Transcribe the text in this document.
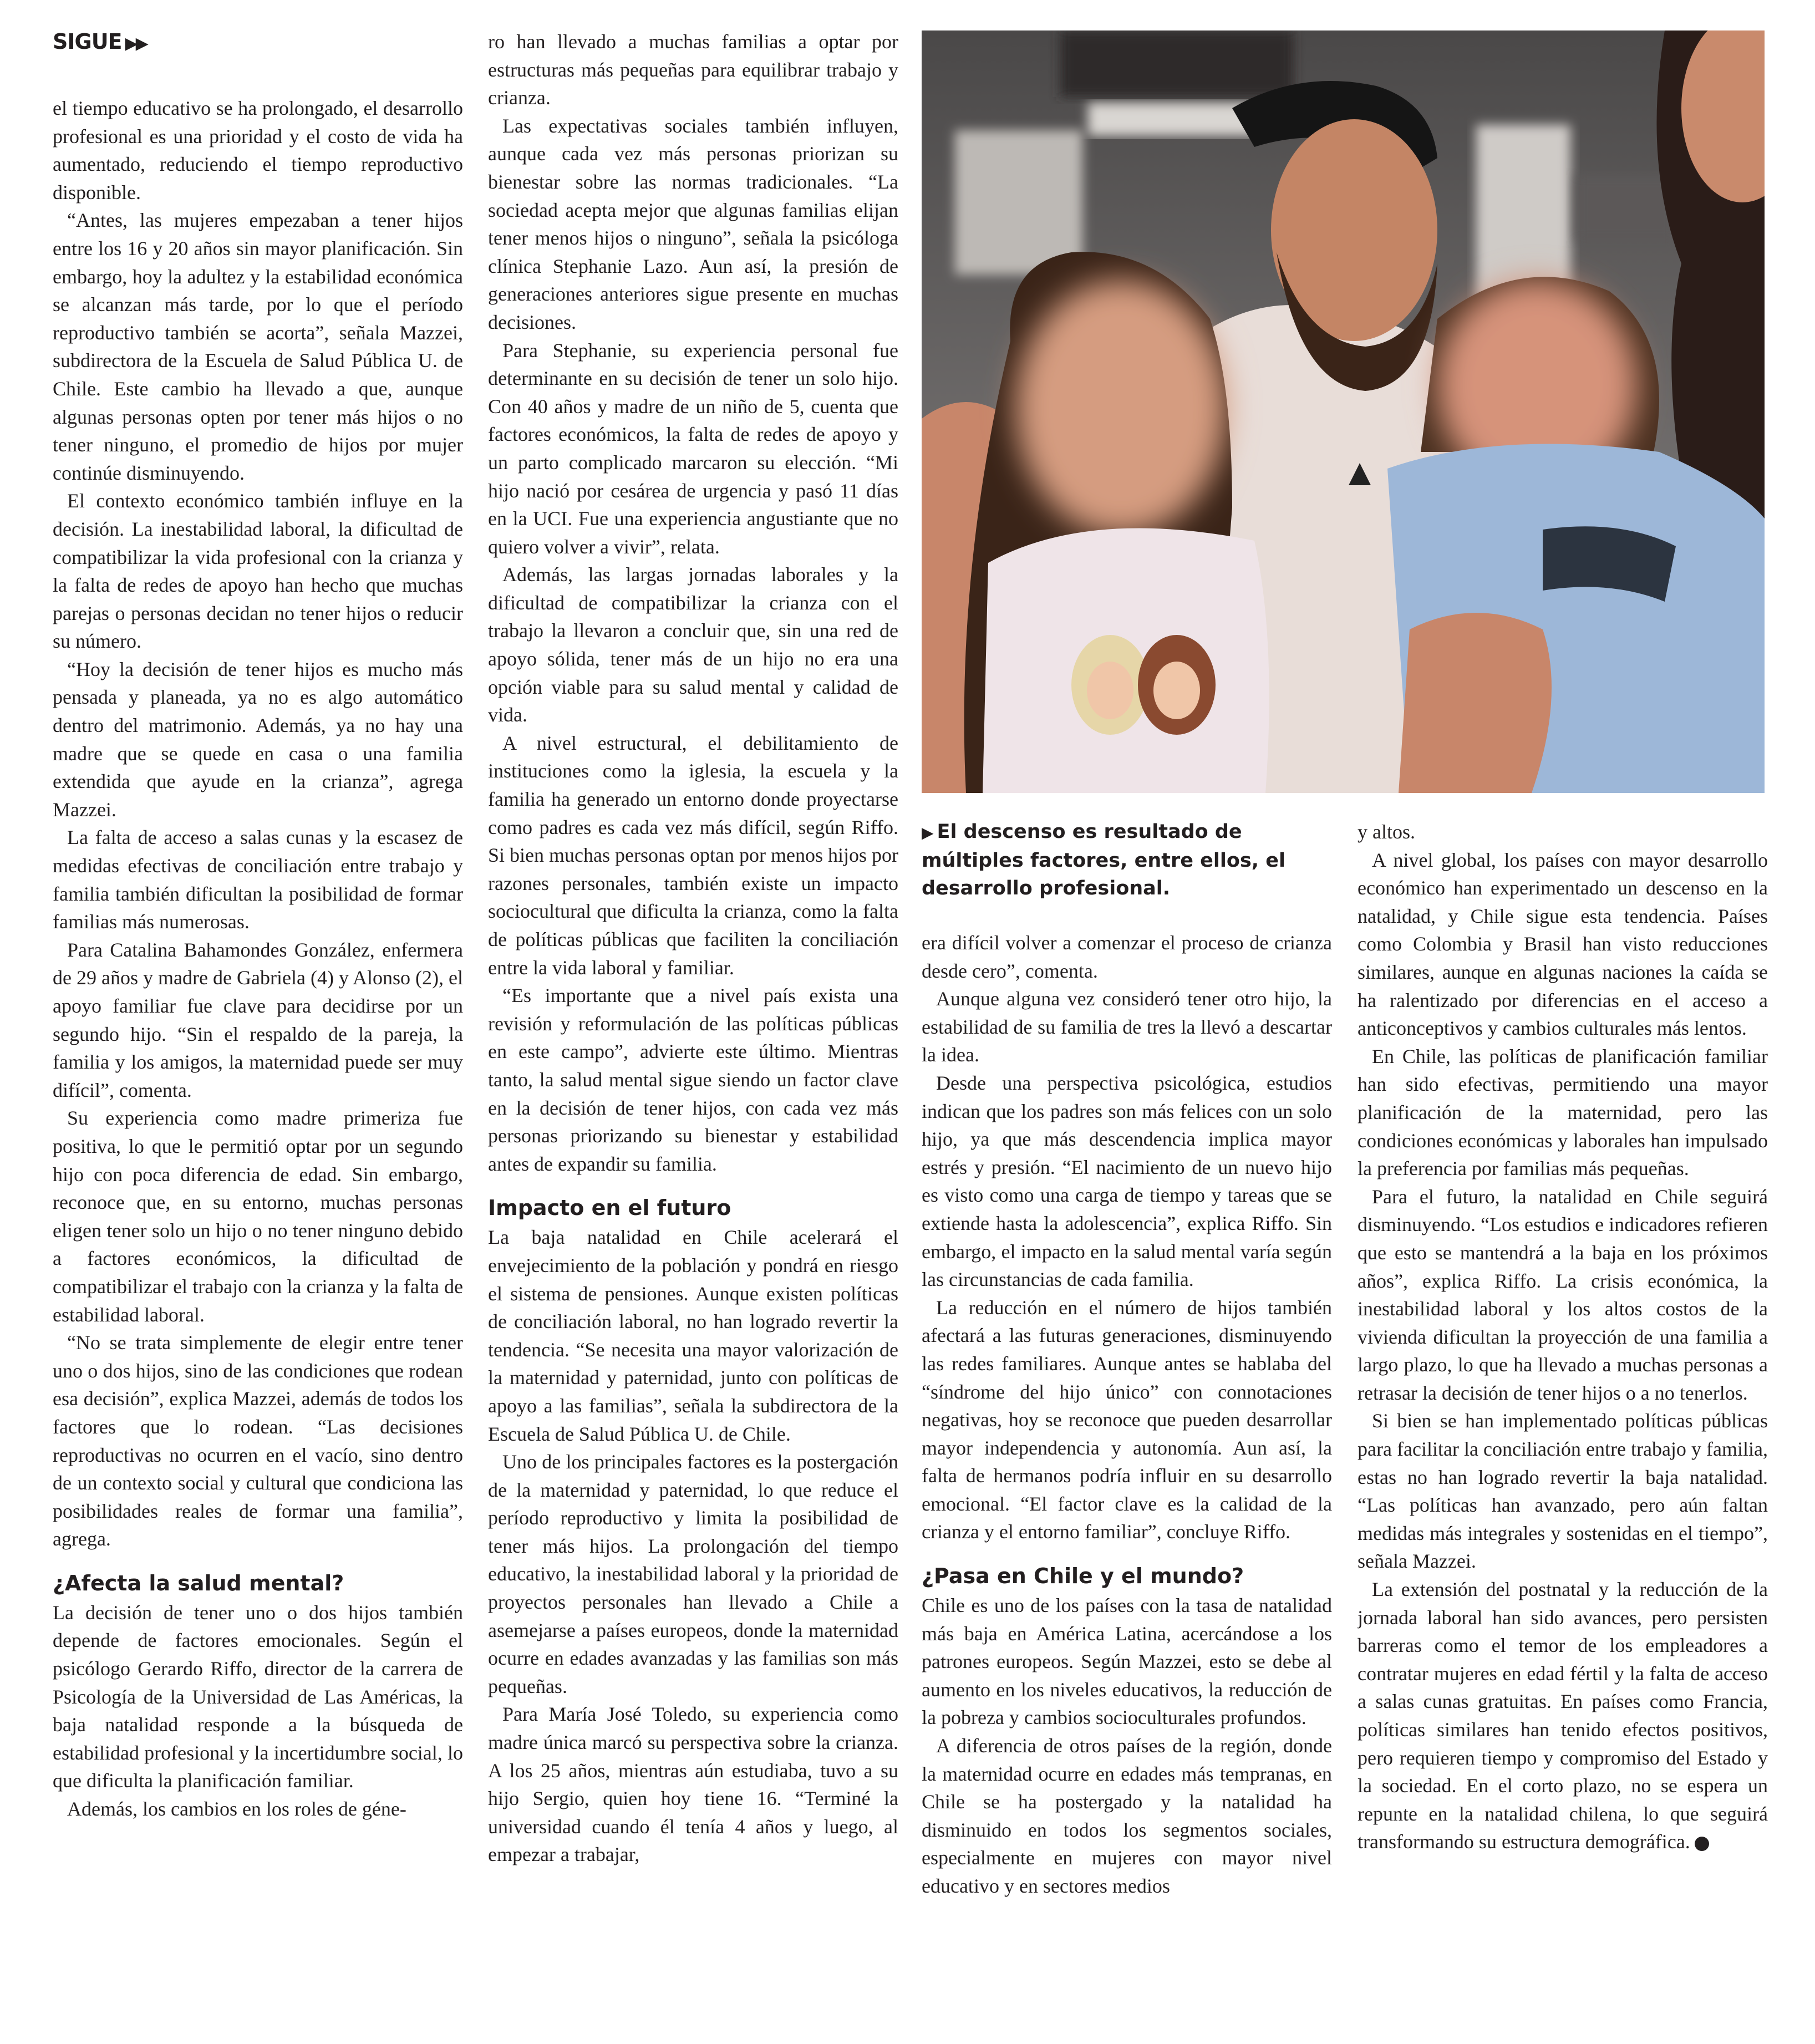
SIGUE ▶▶

el tiempo educativo se ha prolongado, el desarrollo profesional es una prioridad y el costo de vida ha aumentado, reduciendo el tiempo reproductivo disponible.

“Antes, las mujeres empezaban a tener hijos entre los 16 y 20 años sin mayor planificación. Sin embargo, hoy la adultez y la estabilidad económica se alcanzan más tarde, por lo que el período reproductivo también se acorta”, señala Mazzei, subdirectora de la Escuela de Salud Pública U. de Chile. Este cambio ha llevado a que, aunque algunas personas opten por tener más hijos o no tener ninguno, el promedio de hijos por mujer continúe disminuyendo.

El contexto económico también influye en la decisión. La inestabilidad laboral, la dificultad de compatibilizar la vida profesional con la crianza y la falta de redes de apoyo han hecho que muchas parejas o personas decidan no tener hijos o reducir su número.

“Hoy la decisión de tener hijos es mucho más pensada y planeada, ya no es algo automático dentro del matrimonio. Además, ya no hay una madre que se quede en casa o una familia extendida que ayude en la crianza”, agrega Mazzei.

La falta de acceso a salas cunas y la escasez de medidas efectivas de conciliación entre trabajo y familia también dificultan la posibilidad de formar familias más numerosas.

Para Catalina Bahamondes González, enfermera de 29 años y madre de Gabriela (4) y Alonso (2), el apoyo familiar fue clave para decidirse por un segundo hijo. “Sin el respaldo de la pareja, la familia y los amigos, la maternidad puede ser muy difícil”, comenta.

Su experiencia como madre primeriza fue positiva, lo que le permitió optar por un segundo hijo con poca diferencia de edad. Sin embargo, reconoce que, en su entorno, muchas personas eligen tener solo un hijo o no tener ninguno debido a factores económicos, la dificultad de compatibilizar el trabajo con la crianza y la falta de estabilidad laboral.

“No se trata simplemente de elegir entre tener uno o dos hijos, sino de las condiciones que rodean esa decisión”, explica Mazzei, además de todos los factores que lo rodean. “Las decisiones reproductivas no ocurren en el vacío, sino dentro de un contexto social y cultural que condiciona las posibilidades reales de formar una familia”, agrega.

¿Afecta la salud mental?

La decisión de tener uno o dos hijos también depende de factores emocionales. Según el psicólogo Gerardo Riffo, director de la carrera de Psicología de la Universidad de Las Américas, la baja natalidad responde a la búsqueda de estabilidad profesional y la incertidumbre social, lo que dificulta la planificación familiar.

Además, los cambios en los roles de géne-

ro han llevado a muchas familias a optar por estructuras más pequeñas para equilibrar trabajo y crianza.

Las expectativas sociales también influyen, aunque cada vez más personas priorizan su bienestar sobre las normas tradicionales. “La sociedad acepta mejor que algunas familias elijan tener menos hijos o ninguno”, señala la psicóloga clínica Stephanie Lazo. Aun así, la presión de generaciones anteriores sigue presente en muchas decisiones.

Para Stephanie, su experiencia personal fue determinante en su decisión de tener un solo hijo. Con 40 años y madre de un niño de 5, cuenta que factores económicos, la falta de redes de apoyo y un parto complicado marcaron su elección. “Mi hijo nació por cesárea de urgencia y pasó 11 días en la UCI. Fue una experiencia angustiante que no quiero volver a vivir”, relata.

Además, las largas jornadas laborales y la dificultad de compatibilizar la crianza con el trabajo la llevaron a concluir que, sin una red de apoyo sólida, tener más de un hijo no era una opción viable para su salud mental y calidad de vida.

A nivel estructural, el debilitamiento de instituciones como la iglesia, la escuela y la familia ha generado un entorno donde proyectarse como padres es cada vez más difícil, según Riffo. Si bien muchas personas optan por menos hijos por razones personales, también existe un impacto sociocultural que dificulta la crianza, como la falta de políticas públicas que faciliten la conciliación entre la vida laboral y familiar.

“Es importante que a nivel país exista una revisión y reformulación de las políticas públicas en este campo”, advierte este último. Mientras tanto, la salud mental sigue siendo un factor clave en la decisión de tener hijos, con cada vez más personas priorizando su bienestar y estabilidad antes de expandir su familia.

Impacto en el futuro

La baja natalidad en Chile acelerará el envejecimiento de la población y pondrá en riesgo el sistema de pensiones. Aunque existen políticas de conciliación laboral, no han logrado revertir la tendencia. “Se necesita una mayor valorización de la maternidad y paternidad, junto con políticas de apoyo a las familias”, señala la subdirectora de la Escuela de Salud Pública U. de Chile.

Uno de los principales factores es la postergación de la maternidad y paternidad, lo que reduce el período reproductivo y limita la posibilidad de tener más hijos. La prolongación del tiempo educativo, la inestabilidad laboral y la prioridad de proyectos personales han llevado a Chile a asemejarse a países europeos, donde la maternidad ocurre en edades avanzadas y las familias son más pequeñas.

Para María José Toledo, su experiencia como madre única marcó su perspectiva sobre la crianza. A los 25 años, mientras aún estudiaba, tuvo a su hijo Sergio, quien hoy tiene 16. “Terminé la universidad cuando él tenía 4 años y luego, al empezar a trabajar,

▶ El descenso es resultado de múltiples factores, entre ellos, el desarrollo profesional.

era difícil volver a comenzar el proceso de crianza desde cero”, comenta.

Aunque alguna vez consideró tener otro hijo, la estabilidad de su familia de tres la llevó a descartar la idea.

Desde una perspectiva psicológica, estudios indican que los padres son más felices con un solo hijo, ya que más descendencia implica mayor estrés y presión. “El nacimiento de un nuevo hijo es visto como una carga de tiempo y tareas que se extiende hasta la adolescencia”, explica Riffo. Sin embargo, el impacto en la salud mental varía según las circunstancias de cada familia.

La reducción en el número de hijos también afectará a las futuras generaciones, disminuyendo las redes familiares. Aunque antes se hablaba del “síndrome del hijo único” con connotaciones negativas, hoy se reconoce que pueden desarrollar mayor independencia y autonomía. Aun así, la falta de hermanos podría influir en su desarrollo emocional. “El factor clave es la calidad de la crianza y el entorno familiar”, concluye Riffo.

¿Pasa en Chile y el mundo?

Chile es uno de los países con la tasa de natalidad más baja en América Latina, acercándose a los patrones europeos. Según Mazzei, esto se debe al aumento en los niveles educativos, la reducción de la pobreza y cambios socioculturales profundos.

A diferencia de otros países de la región, donde la maternidad ocurre en edades más tempranas, en Chile se ha postergado y la natalidad ha disminuido en todos los segmentos sociales, especialmente en mujeres con mayor nivel educativo y en sectores medios

y altos.

A nivel global, los países con mayor desarrollo económico han experimentado un descenso en la natalidad, y Chile sigue esta tendencia. Países como Colombia y Brasil han visto reducciones similares, aunque en algunas naciones la caída se ha ralentizado por diferencias en el acceso a anticonceptivos y cambios culturales más lentos.

En Chile, las políticas de planificación familiar han sido efectivas, permitiendo una mayor planificación de la maternidad, pero las condiciones económicas y laborales han impulsado la preferencia por familias más pequeñas.

Para el futuro, la natalidad en Chile seguirá disminuyendo. “Los estudios e indicadores refieren que esto se mantendrá a la baja en los próximos años”, explica Riffo. La crisis económica, la inestabilidad laboral y los altos costos de la vivienda dificultan la proyección de una familia a largo plazo, lo que ha llevado a muchas personas a retrasar la decisión de tener hijos o a no tenerlos.

Si bien se han implementado políticas públicas para facilitar la conciliación entre trabajo y familia, estas no han logrado revertir la baja natalidad. “Las políticas han avanzado, pero aún faltan medidas más integrales y sostenidas en el tiempo”, señala Mazzei.

La extensión del postnatal y la reducción de la jornada laboral han sido avances, pero persisten barreras como el temor de los empleadores a contratar mujeres en edad fértil y la falta de acceso a salas cunas gratuitas. En países como Francia, políticas similares han tenido efectos positivos, pero requieren tiempo y compromiso del Estado y la sociedad. En el corto plazo, no se espera un repunte en la natalidad chilena, lo que seguirá transformando su estructura demográfica.
